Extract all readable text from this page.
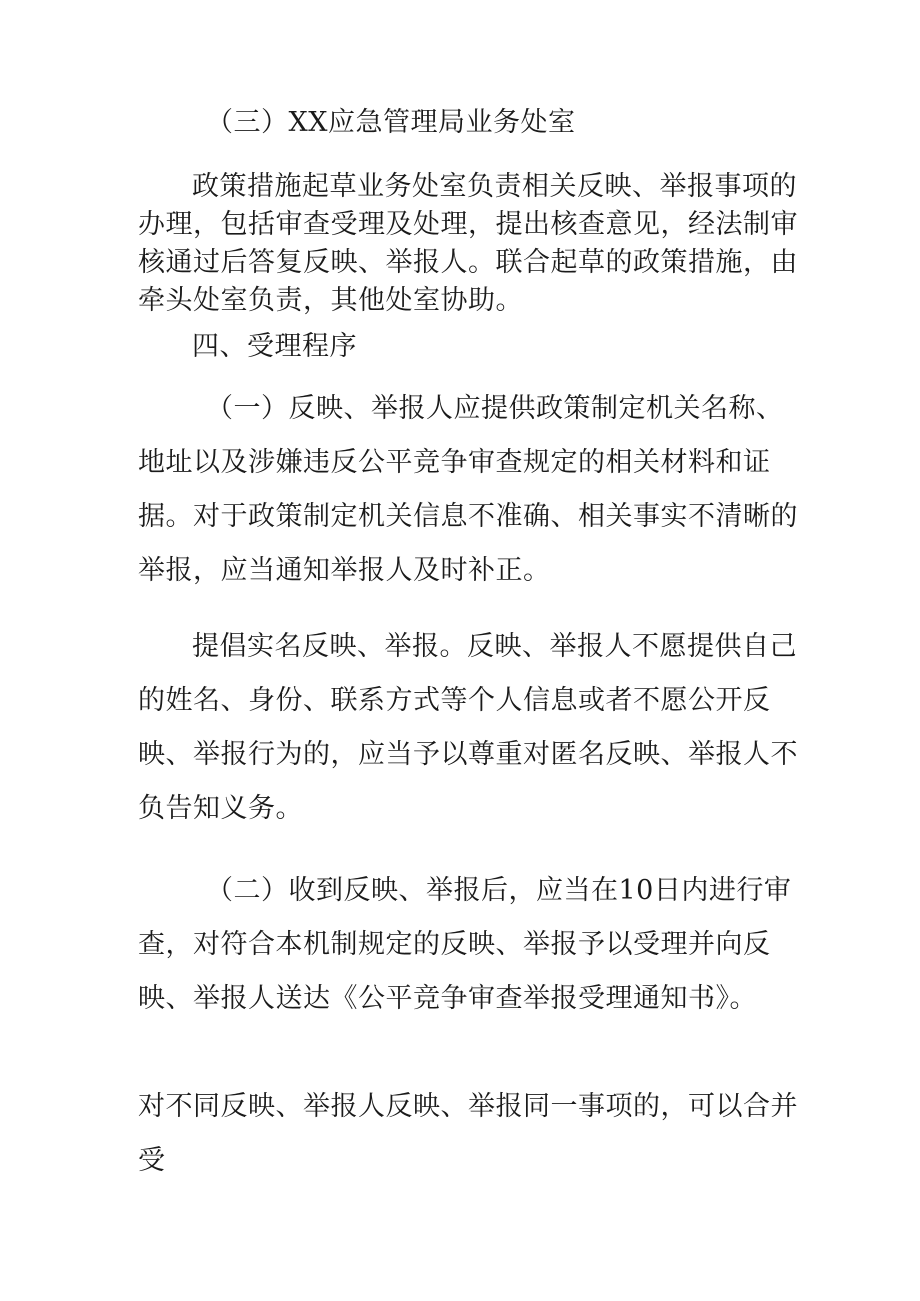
（三）XX应急管理局业务处室

政策措施起草业务处室负责相关反映、举报事项的办理，包括审查受理及处理，提出核查意见，经法制审核通过后答复反映、举报人。联合起草的政策措施，由牵头处室负责，其他处室协助。

四、受理程序

（一）反映、举报人应提供政策制定机关名称、地址以及涉嫌违反公平竞争审查规定的相关材料和证据。对于政策制定机关信息不准确、相关事实不清晰的举报，应当通知举报人及时补正。

提倡实名反映、举报。反映、举报人不愿提供自己的姓名、身份、联系方式等个人信息或者不愿公开反映、举报行为的，应当予以尊重对匿名反映、举报人不负告知义务。

（二）收到反映、举报后，应当在10日内进行审查，对符合本机制规定的反映、举报予以受理并向反映、举报人送达《公平竞争审查举报受理通知书》。

对不同反映、举报人反映、举报同一事项的，可以合并受
